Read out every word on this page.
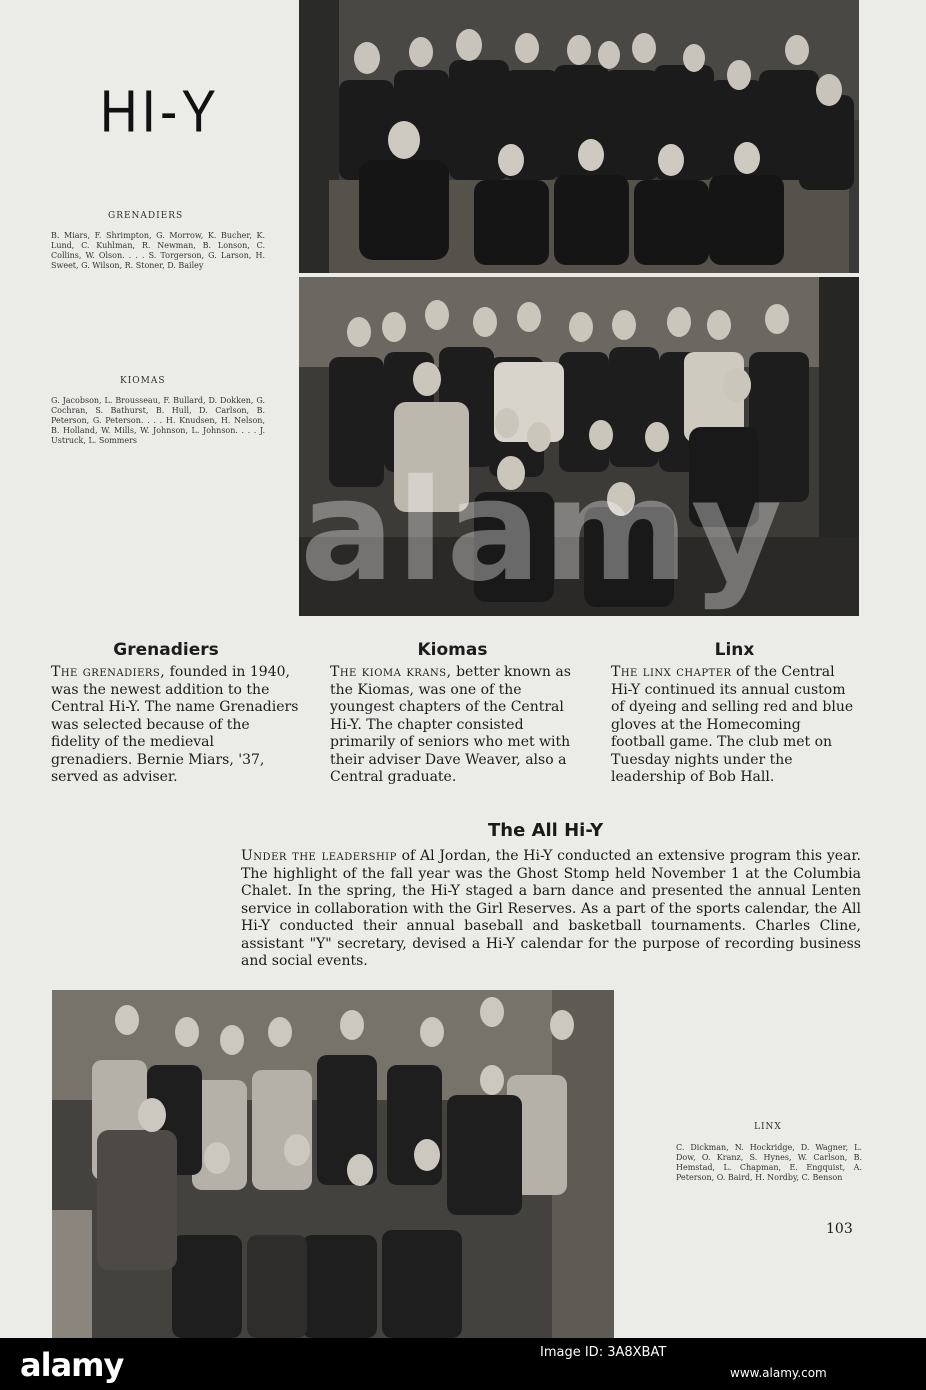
HI-Y
GRENADIERS
B. Miars, F. Shrimpton, G. Morrow, K. Bucher, K. Lund, C. Kuhlman, R. Newman, B. Lonson, C. Collins, W. Olson. . . . S. Torgerson, G. Larson, H. Sweet, G. Wilson, R. Stoner, D. Bailey
KIOMAS
G. Jacobson, L. Brousseau, F. Bullard, D. Dokken, G. Cochran, S. Bathurst, B. Hull, D. Carlson, B. Peterson, G. Peterson. . . . H. Knudsen, H. Nelson, B. Holland, W. Mills, W. Johnson, L. Johnson. . . . J. Ustruck, L. Sommers
Grenadiers	Kiomas	Linx
The grenadiers, founded in 1940, was the newest addition to the Central Hi-Y. The name Grenadiers was selected because of the fidelity of the medieval grenadiers. Bernie Miars, '37, served as adviser.
The kioma krans, better known as the Kiomas, was one of the youngest chapters of the Central Hi-Y. The chapter consisted primarily of seniors who met with their adviser Dave Weaver, also a Central graduate.
The linx chapter of the Central Hi-Y continued its annual custom of dyeing and selling red and blue gloves at the Homecoming football game. The club met on Tuesday nights under the leadership of Bob Hall.
The All Hi-Y
Under the leadership of Al Jordan, the Hi-Y conducted an extensive program this year. The highlight of the fall year was the Ghost Stomp held November 1 at the Columbia Chalet. In the spring, the Hi-Y staged a barn dance and presented the annual Lenten service in collaboration with the Girl Reserves. As a part of the sports calendar, the All Hi-Y conducted their annual baseball and basketball tournaments. Charles Cline, assistant "Y" secretary, devised a Hi-Y calendar for the purpose of recording business and social events.
LINX
C. Dickman, N. Hockridge, D. Wagner, L. Dow, O. Kranz, S. Hynes, W. Carlson, B. Hemstad, L. Chapman, E. Engquist, A. Peterson, O. Baird, H. Nordby, C. Benson
103
alamy
alamy	Image ID: 3A8XBAT
www.alamy.com
